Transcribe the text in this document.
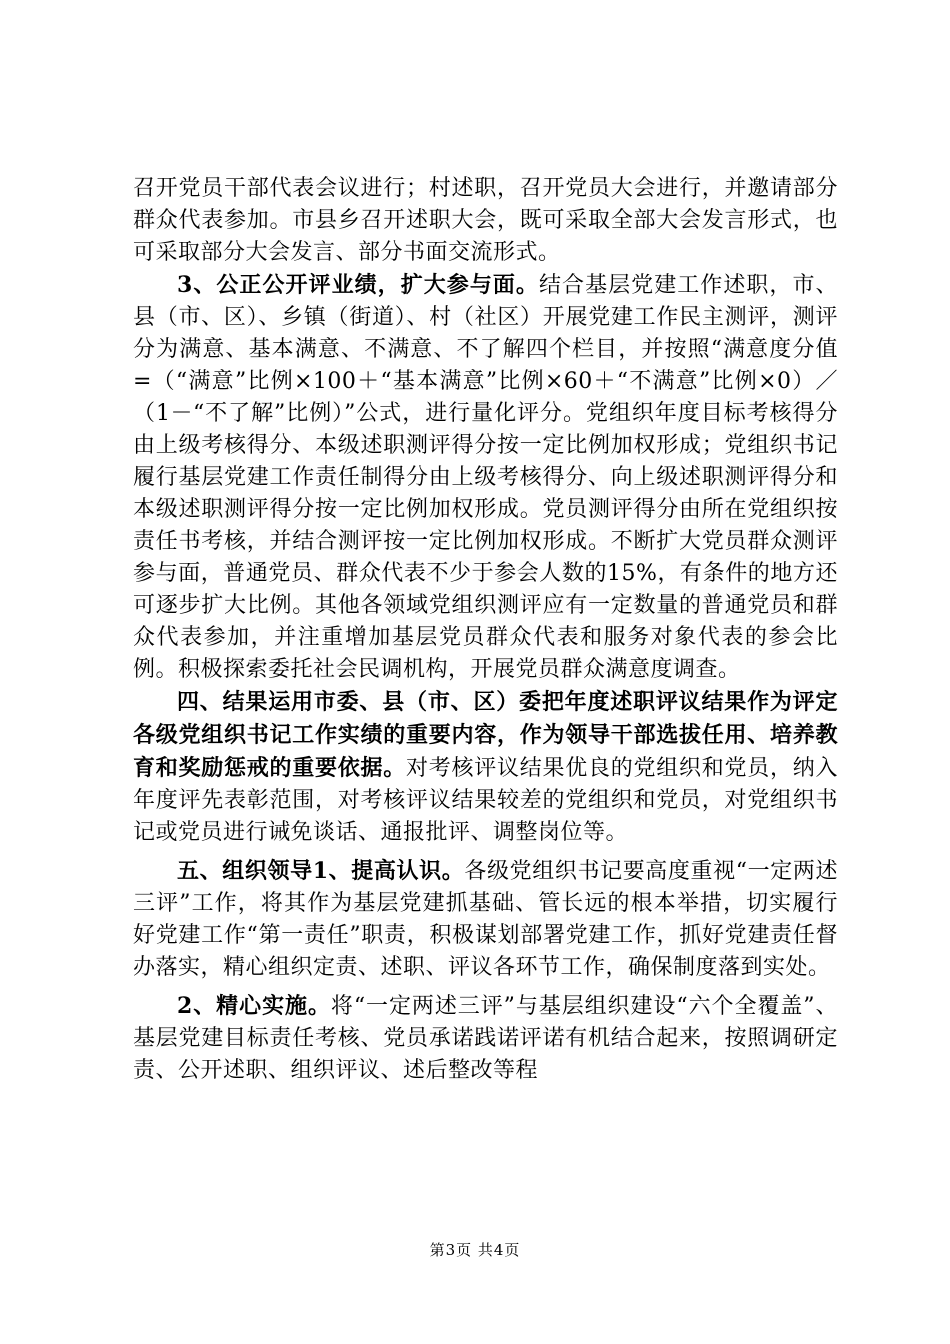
召开党员干部代表会议进行；村述职，召开党员大会进行，并邀请部分群众代表参加。市县乡召开述职大会，既可采取全部大会发言形式，也可采取部分大会发言、部分书面交流形式。

3、公正公开评业绩，扩大参与面。结合基层党建工作述职，市、县（市、区）、乡镇（街道）、村（社区）开展党建工作民主测评，测评分为满意、基本满意、不满意、不了解四个栏目，并按照“满意度分值=（“满意”比例×100＋“基本满意”比例×60＋“不满意”比例×0）／（1－“不了解”比例）”公式，进行量化评分。党组织年度目标考核得分由上级考核得分、本级述职测评得分按一定比例加权形成；党组织书记履行基层党建工作责任制得分由上级考核得分、向上级述职测评得分和本级述职测评得分按一定比例加权形成。党员测评得分由所在党组织按责任书考核，并结合测评按一定比例加权形成。不断扩大党员群众测评参与面，普通党员、群众代表不少于参会人数的15%，有条件的地方还可逐步扩大比例。其他各领域党组织测评应有一定数量的普通党员和群众代表参加，并注重增加基层党员群众代表和服务对象代表的参会比例。积极探索委托社会民调机构，开展党员群众满意度调查。

四、结果运用市委、县（市、区）委把年度述职评议结果作为评定各级党组织书记工作实绩的重要内容，作为领导干部选拔任用、培养教育和奖励惩戒的重要依据。对考核评议结果优良的党组织和党员，纳入年度评先表彰范围，对考核评议结果较差的党组织和党员，对党组织书记或党员进行诫免谈话、通报批评、调整岗位等。

五、组织领导1、提高认识。各级党组织书记要高度重视“一定两述三评”工作，将其作为基层党建抓基础、管长远的根本举措，切实履行好党建工作“第一责任”职责，积极谋划部署党建工作，抓好党建责任督办落实，精心组织定责、述职、评议各环节工作，确保制度落到实处。

2、精心实施。将“一定两述三评”与基层组织建设“六个全覆盖”、基层党建目标责任考核、党员承诺践诺评诺有机结合起来，按照调研定责、公开述职、组织评议、述后整改等程

第3页 共4页
